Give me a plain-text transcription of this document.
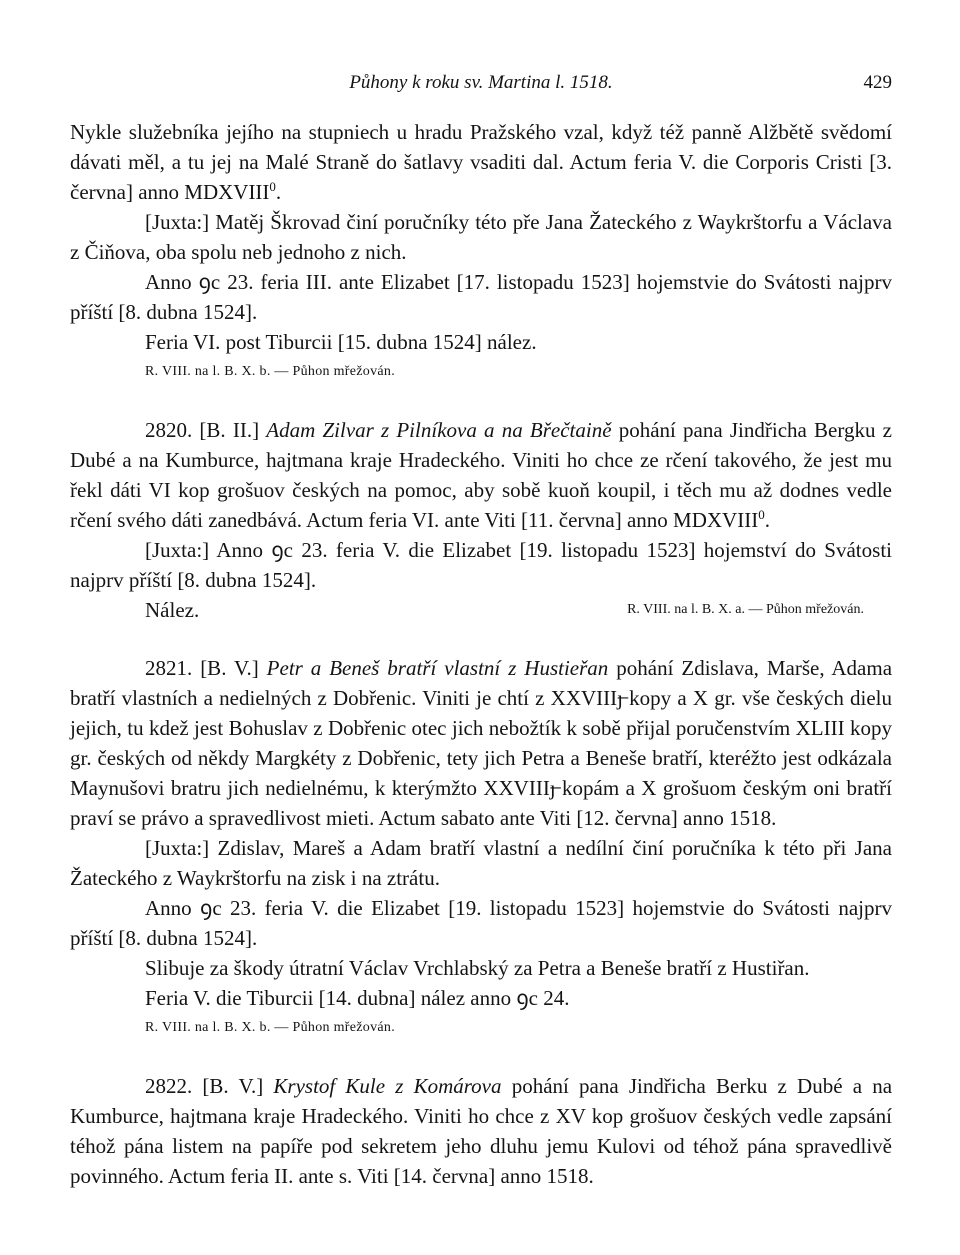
Půhony k roku sv. Martina l. 1518.	429

Nykle služebníka jejího na stupniech u hradu Pražského vzal, když též panně Alžbětě svědomí dávati měl, a tu jej na Malé Straně do šatlavy vsaditi dal. Actum feria V. die Corporis Cristi [3. června] anno MDXVIII$^0$.

[Juxta:] Matěj Škrovad činí poručníky této pře Jana Žateckého z Waykrštorfu a Václava z Čiňova, oba spolu neb jednoho z nich.

Anno ꝯc 23. feria III. ante Elizabet [17. listopadu 1523] hojemstvie do Svátosti najprv příští [8. dubna 1524].

Feria VI. post Tiburcii [15. dubna 1524] nález.

R. VIII. na l. B. X. b. — Půhon mřežován.

2820. [B. II.] Adam Zilvar z Pilníkova a na Břečtaině pohání pana Jindřicha Bergku z Dubé a na Kumburce, hajtmana kraje Hradeckého. Viniti ho chce ze rčení takového, že jest mu řekl dáti VI kop grošuov českých na pomoc, aby sobě kuoň koupil, i těch mu až dodnes vedle rčení svého dáti zanedbává. Actum feria VI. ante Viti [11. června] anno MDXVIII$^0$.

[Juxta:] Anno ꝯc 23. feria V. die Elizabet [19. listopadu 1523] hojemství do Svátosti najprv příští [8. dubna 1524].

Nález.	R. VIII. na l. B. X. a. — Půhon mřežován.

2821. [B. V.] Petr a Beneš bratří vlastní z Hustieřan pohání Zdislava, Marše, Adama bratří vlastních a nedielných z Dobřenic. Viniti je chtí z XXVIIIȷ̶ kopy a X gr. vše českých dielu jejich, tu kdež jest Bohuslav z Dobřenic otec jich nebožtík k sobě přijal poručenstvím XLIII kopy gr. českých od někdy Margkéty z Dobřenic, tety jich Petra a Beneše bratří, kteréžto jest odkázala Maynušovi bratru jich nedielnému, k kterýmžto XXVIIIȷ̶ kopám a X grošuom českým oni bratří praví se právo a spravedlivost mieti. Actum sabato ante Viti [12. června] anno 1518.

[Juxta:] Zdislav, Mareš a Adam bratří vlastní a nedílní činí poručníka k této při Jana Žateckého z Waykrštorfu na zisk i na ztrátu.

Anno ꝯc 23. feria V. die Elizabet [19. listopadu 1523] hojemstvie do Svátosti najprv příští [8. dubna 1524].

Slibuje za škody útratní Václav Vrchlabský za Petra a Beneše bratří z Hustiřan.

Feria V. die Tiburcii [14. dubna] nález anno ꝯc 24.

R. VIII. na l. B. X. b. — Půhon mřežován.

2822. [B. V.] Krystof Kule z Komárova pohání pana Jindřicha Berku z Dubé a na Kumburce, hajtmana kraje Hradeckého. Viniti ho chce z XV kop grošuov českých vedle zapsání téhož pána listem na papíře pod sekretem jeho dluhu jemu Kulovi od téhož pána spravedlivě povinného. Actum feria II. ante s. Viti [14. června] anno 1518.
